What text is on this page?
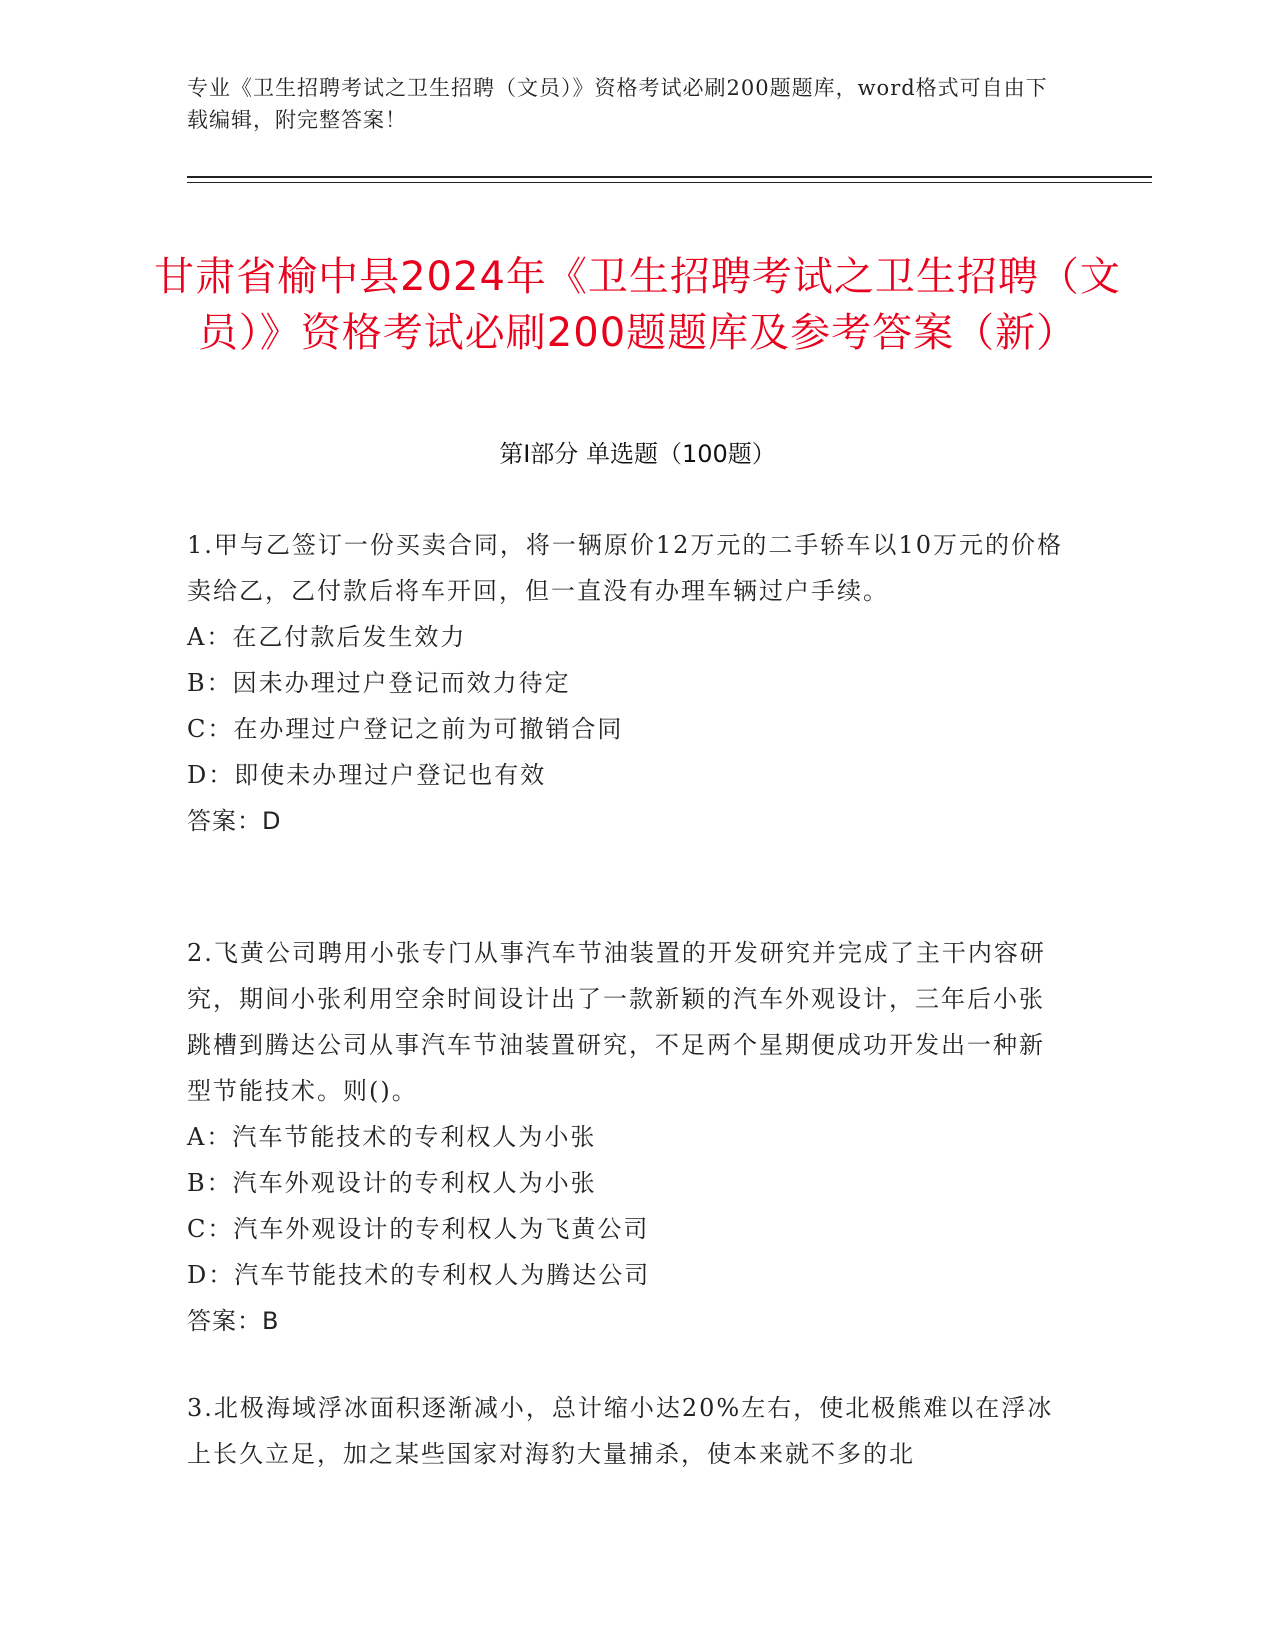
专业《卫生招聘考试之卫生招聘（文员）》资格考试必刷200题题库，word格式可自由下载编辑，附完整答案！
甘肃省榆中县2024年《卫生招聘考试之卫生招聘（文员）》资格考试必刷200题题库及参考答案（新）
第Ⅰ部分 单选题（100题）

1.甲与乙签订一份买卖合同，将一辆原价12万元的二手轿车以10万元的价格卖给乙，乙付款后将车开回，但一直没有办理车辆过户手续。

A：在乙付款后发生效力

B：因未办理过户登记而效力待定

C：在办理过户登记之前为可撤销合同

D：即使未办理过户登记也有效

答案：D

2.飞黄公司聘用小张专门从事汽车节油装置的开发研究并完成了主干内容研究，期间小张利用空余时间设计出了一款新颖的汽车外观设计，三年后小张跳槽到腾达公司从事汽车节油装置研究，不足两个星期便成功开发出一种新型节能技术。则()。

A：汽车节能技术的专利权人为小张

B：汽车外观设计的专利权人为小张

C：汽车外观设计的专利权人为飞黄公司

D：汽车节能技术的专利权人为腾达公司

答案：B

3.北极海域浮冰面积逐渐减小，总计缩小达20%左右，使北极熊难以在浮冰上长久立足，加之某些国家对海豹大量捕杀，使本来就不多的北
